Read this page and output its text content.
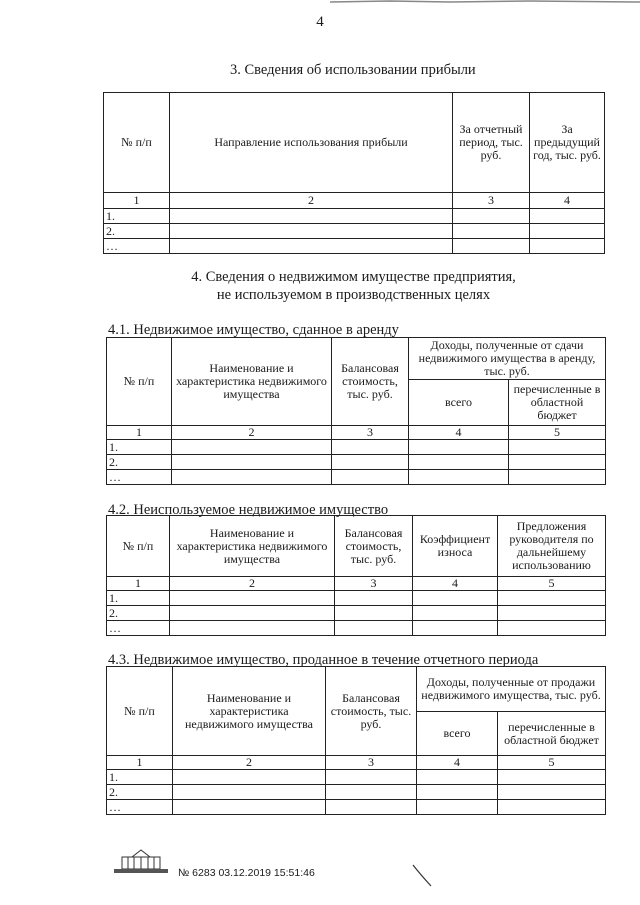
4
3. Сведения об использовании прибыли
№ п/п	Направление использования прибыли	За отчетный период, тыс. руб.	За предыдущий год, тыс. руб.
1	2	3	4
1.			
2.			
…			
4. Сведения о недвижимом имуществе предприятия,
не используемом в производственных целях
4.1. Недвижимое имущество, сданное в аренду
№ п/п	Наименование и характеристика недвижимого имущества	Балансовая стоимость, тыс. руб.	Доходы, полученные от сдачи недвижимого имущества в аренду, тыс. руб.	
			всего	перечисленные в областной бюджет
1	2	3	4	5
1.				
2.				
…				
4.2. Неиспользуемое недвижимое имущество
№ п/п	Наименование и характеристика недвижимого имущества	Балансовая стоимость, тыс. руб.	Коэффициент износа	Предложения руководителя по дальнейшему использованию
1	2	3	4	5
1.				
2.				
…				
4.3. Недвижимое имущество, проданное в течение отчетного периода
№ п/п	Наименование и характеристика недвижимого имущества	Балансовая стоимость, тыс. руб.	Доходы, полученные от продажи недвижимого имущества, тыс. руб.	
			всего	перечисленные в областной бюджет
1	2	3	4	5
1.				
2.				
…				
№ 6283 03.12.2019 15:51:46
